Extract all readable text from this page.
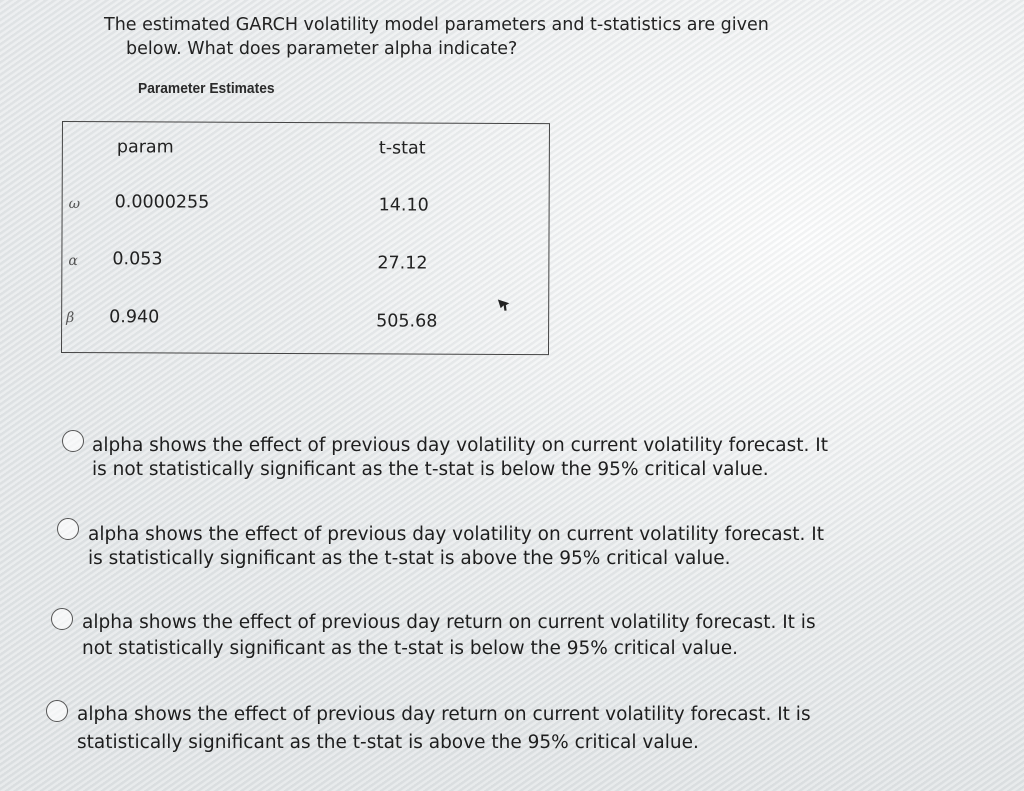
The estimated GARCH volatility model parameters and t-statistics are given
below. What does parameter alpha indicate?

Parameter Estimates
param	t-stat
ω 0.0000255	14.10
α 0.053	27.12
β 0.940	505.68
alpha shows the effect of previous day volatility on current volatility forecast. It
is not statistically significant as the t-stat is below the 95% critical value.
alpha shows the effect of previous day volatility on current volatility forecast. It
is statistically significant as the t-stat is above the 95% critical value.
alpha shows the effect of previous day return on current volatility forecast. It is
not statistically significant as the t-stat is below the 95% critical value.
alpha shows the effect of previous day return on current volatility forecast. It is
statistically significant as the t-stat is above the 95% critical value.
